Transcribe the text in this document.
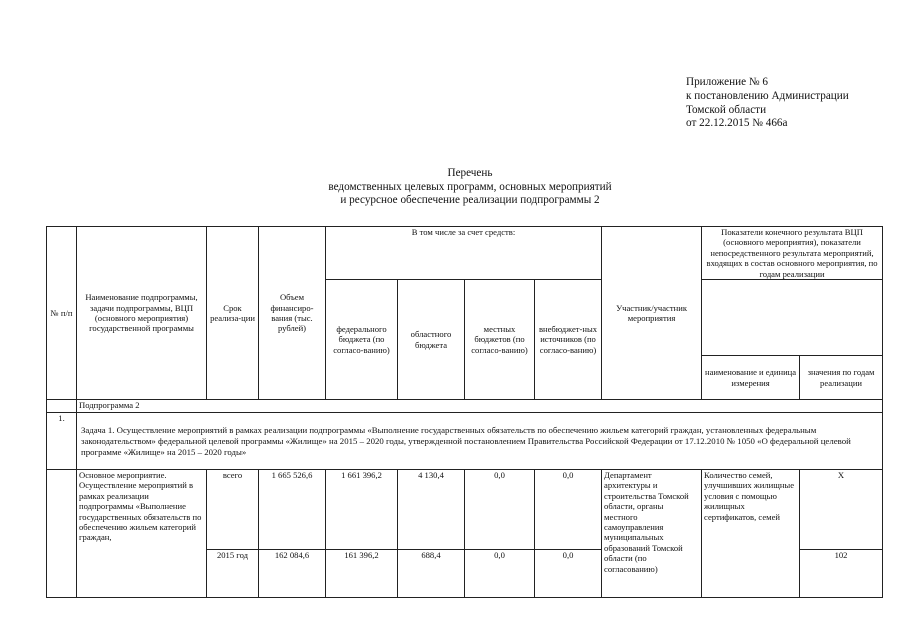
Приложение № 6
к постановлению Администрации
Томской области
от 22.12.2015 № 466а
Перечень
ведомственных целевых программ, основных мероприятий
и ресурсное обеспечение реализации подпрограммы 2
№ п/п	Наименование подпрограммы, задачи подпрограммы, ВЦП (основного мероприятия) государственной программы	Срок реализа-ции	Объем финансиро-вания (тыс. рублей)	В том числе за счет средств:				Участник/участник мероприятия	Показатели конечного результата ВЦП (основного мероприятия), показатели непосредственного результата мероприятий, входящих в состав основного мероприятия, по годам реализации	
				федерального бюджета (по согласо-ванию)	областного бюджета	местных бюджетов (по согласо-ванию)	внебюджет-ных источников (по согласо-ванию)			
									наименование и единица измерения	значения по годам реализации
	Подпрограмма 2									
1.	Задача 1. Осуществление мероприятий в рамках реализации подпрограммы «Выполнение государственных обязательств по обеспечению жильем категорий граждан, установленных федеральным законодательством» федеральной целевой программы «Жилище» на 2015 – 2020 годы, утвержденной постановлением Правительства Российской Федерации от 17.12.2010 № 1050 «О федеральной целевой программе «Жилище» на 2015 – 2020 годы»									
	Основное мероприятие. Осуществление мероприятий в рамках реализации подпрограммы «Выполнение государственных обязательств по обеспечению жильем категорий граждан,	всего	1 665 526,6	1 661 396,2	4 130,4	0,0	0,0	Департамент архитектуры и строительства Томской области, органы местного самоуправления муниципальных образований Томской области (по согласованию)	Количество семей, улучшивших жилищные условия с помощью жилищных сертификатов, семей	Х
		2015 год	162 084,6	161 396,2	688,4	0,0	0,0			102
